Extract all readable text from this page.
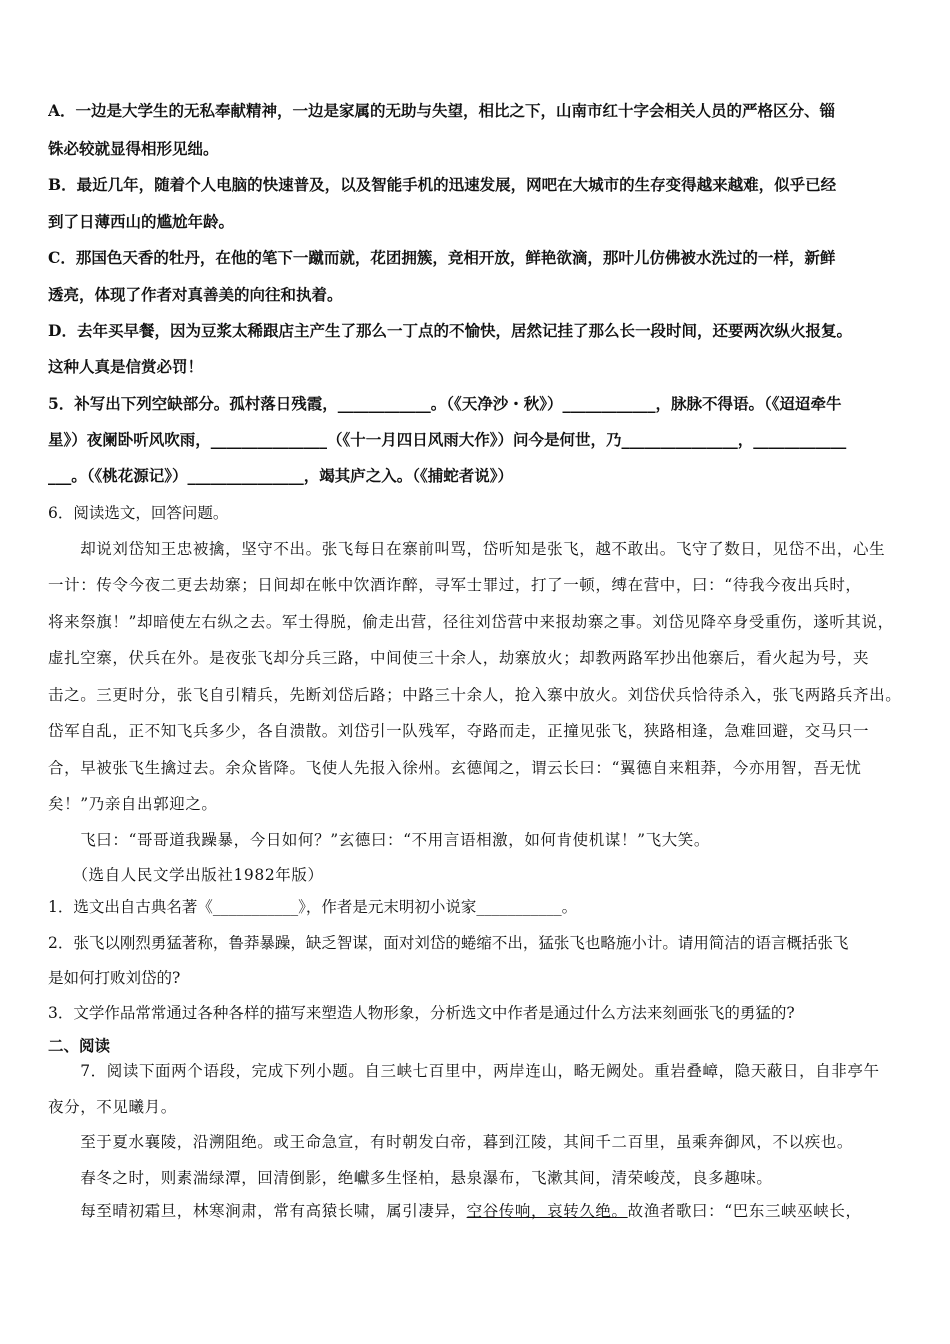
A．一边是大学生的无私奉献精神，一边是家属的无助与失望，相比之下，山南市红十字会相关人员的严格区分、锱
铢必较就显得相形见绌。
B．最近几年，随着个人电脑的快速普及，以及智能手机的迅速发展，网吧在大城市的生存变得越来越难，似乎已经
到了日薄西山的尴尬年龄。
C．那国色天香的牡丹，在他的笔下一蹴而就，花团拥簇，竞相开放，鲜艳欲滴，那叶儿仿佛被水洗过的一样，新鲜
透亮，体现了作者对真善美的向往和执着。
D．去年买早餐，因为豆浆太稀跟店主产生了那么一丁点的不愉快，居然记挂了那么长一段时间，还要两次纵火报复。
这种人真是信赏必罚！
5．补写出下列空缺部分。孤村落日残霞，____________。（《天净沙・秋》）____________，脉脉不得语。（《迢迢牵牛
星》）夜阑卧听风吹雨，_______________（《十一月四日风雨大作》）问今是何世，乃_______________，____________
___。（《桃花源记》）_______________，竭其庐之入。（《捕蛇者说》）
6．阅读选文，回答问题。
　　却说刘岱知王忠被擒，坚守不出。张飞每日在寨前叫骂，岱听知是张飞，越不敢出。飞守了数日，见岱不出，心生
一计：传令今夜二更去劫寨；日间却在帐中饮酒诈醉，寻军士罪过，打了一顿，缚在营中，曰：“待我今夜出兵时，
将来祭旗！”却暗使左右纵之去。军士得脱，偷走出营，径往刘岱营中来报劫寨之事。刘岱见降卒身受重伤，遂听其说，
虚扎空寨，伏兵在外。是夜张飞却分兵三路，中间使三十余人，劫寨放火；却教两路军抄出他寨后，看火起为号，夹
击之。三更时分，张飞自引精兵，先断刘岱后路；中路三十余人，抢入寨中放火。刘岱伏兵恰待杀入，张飞两路兵齐出。
岱军自乱，正不知飞兵多少，各自溃散。刘岱引一队残军，夺路而走，正撞见张飞，狭路相逢，急难回避，交马只一
合，早被张飞生擒过去。余众皆降。飞使人先报入徐州。玄德闻之，谓云长曰：“翼德自来粗莽，今亦用智，吾无忧
矣！”乃亲自出郭迎之。
　　飞曰：“哥哥道我躁暴，今日如何？”玄德曰：“不用言语相激，如何肯使机谋！”飞大笑。
　　（选自人民文学出版社1982年版）
1．选文出自古典名著《___________》，作者是元末明初小说家___________。
2．张飞以刚烈勇猛著称，鲁莽暴躁，缺乏智谋，面对刘岱的蜷缩不出，猛张飞也略施小计。请用简洁的语言概括张飞
是如何打败刘岱的?
3．文学作品常常通过各种各样的描写来塑造人物形象，分析选文中作者是通过什么方法来刻画张飞的勇猛的?
二、阅读
　　7．阅读下面两个语段，完成下列小题。自三峡七百里中，两岸连山，略无阙处。重岩叠嶂，隐天蔽日，自非亭午
夜分，不见曦月。
　　至于夏水襄陵，沿溯阻绝。或王命急宣，有时朝发白帝，暮到江陵，其间千二百里，虽乘奔御风，不以疾也。
　　春冬之时，则素湍绿潭，回清倒影，绝巘多生怪柏，悬泉瀑布，飞漱其间，清荣峻茂，良多趣味。
　　每至晴初霜旦，林寒涧肃，常有高猿长啸，属引凄异，空谷传响，哀转久绝。故渔者歌曰：“巴东三峡巫峡长，
